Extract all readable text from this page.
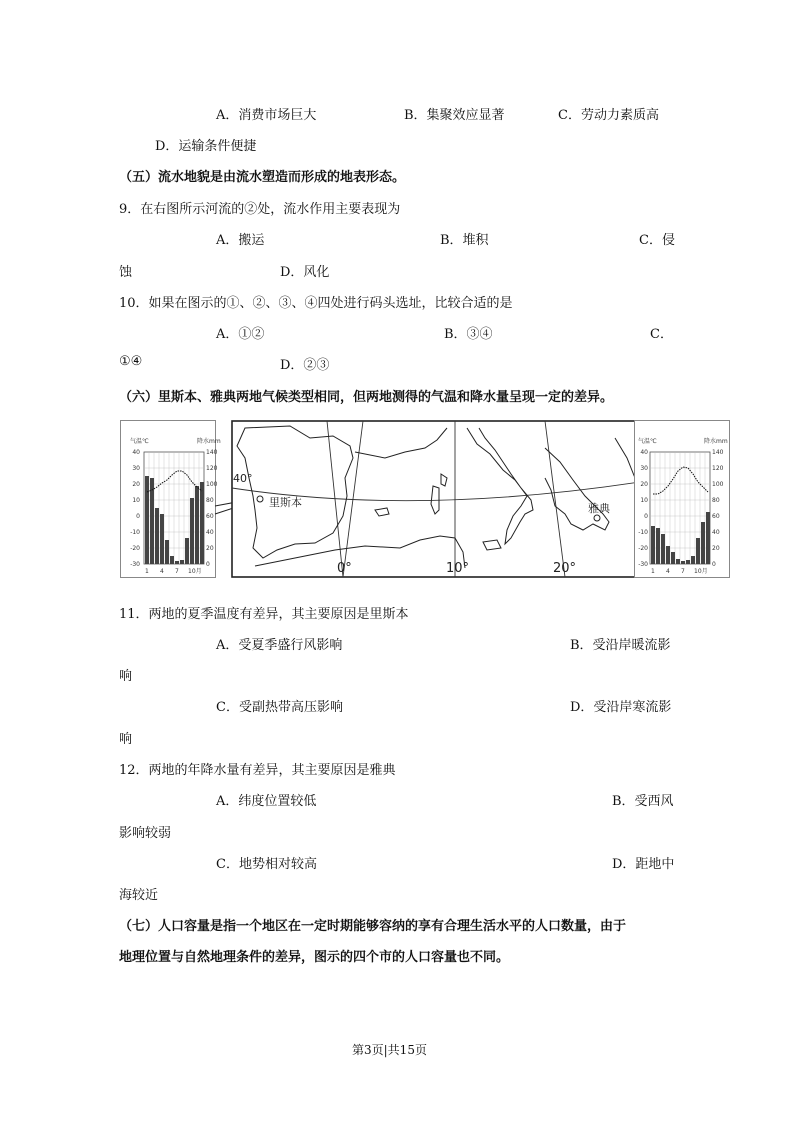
A．消费市场巨大	B．集聚效应显著	C．劳动力素质高
D．运输条件便捷
（五）流水地貌是由流水塑造而形成的地表形态。
9．在右图所示河流的②处，流水作用主要表现为
A．搬运	B．堆积	C．侵
蚀	D．风化
10．如果在图示的①、②、③、④四处进行码头选址，比较合适的是
A．①②	B．③④	C．
①④	D．②③
（六）里斯本、雅典两地气候类型相同，但两地测得的气温和降水量呈现一定的差异。
气温℃	降水mm
40
30
20
10
0
-10
-20
-30
140
120
100
80
60
40
20
0
1 4 7 10月
40°
里斯本	雅典
0°	10°	20°
气温℃	降水mm
40
30
20
10
0
-10
-20
-30
140
120
100
80
60
40
20
0
1 4 7 10月
11．两地的夏季温度有差异，其主要原因是里斯本
A．受夏季盛行风影响	B．受沿岸暖流影
响
C．受副热带高压影响	D．受沿岸寒流影
响
12．两地的年降水量有差异，其主要原因是雅典
A．纬度位置较低	B．受西风
影响较弱
C．地势相对较高	D．距地中
海较近
（七）人口容量是指一个地区在一定时期能够容纳的享有合理生活水平的人口数量，由于
地理位置与自然地理条件的差异，图示的四个市的人口容量也不同。
第3页|共15页
